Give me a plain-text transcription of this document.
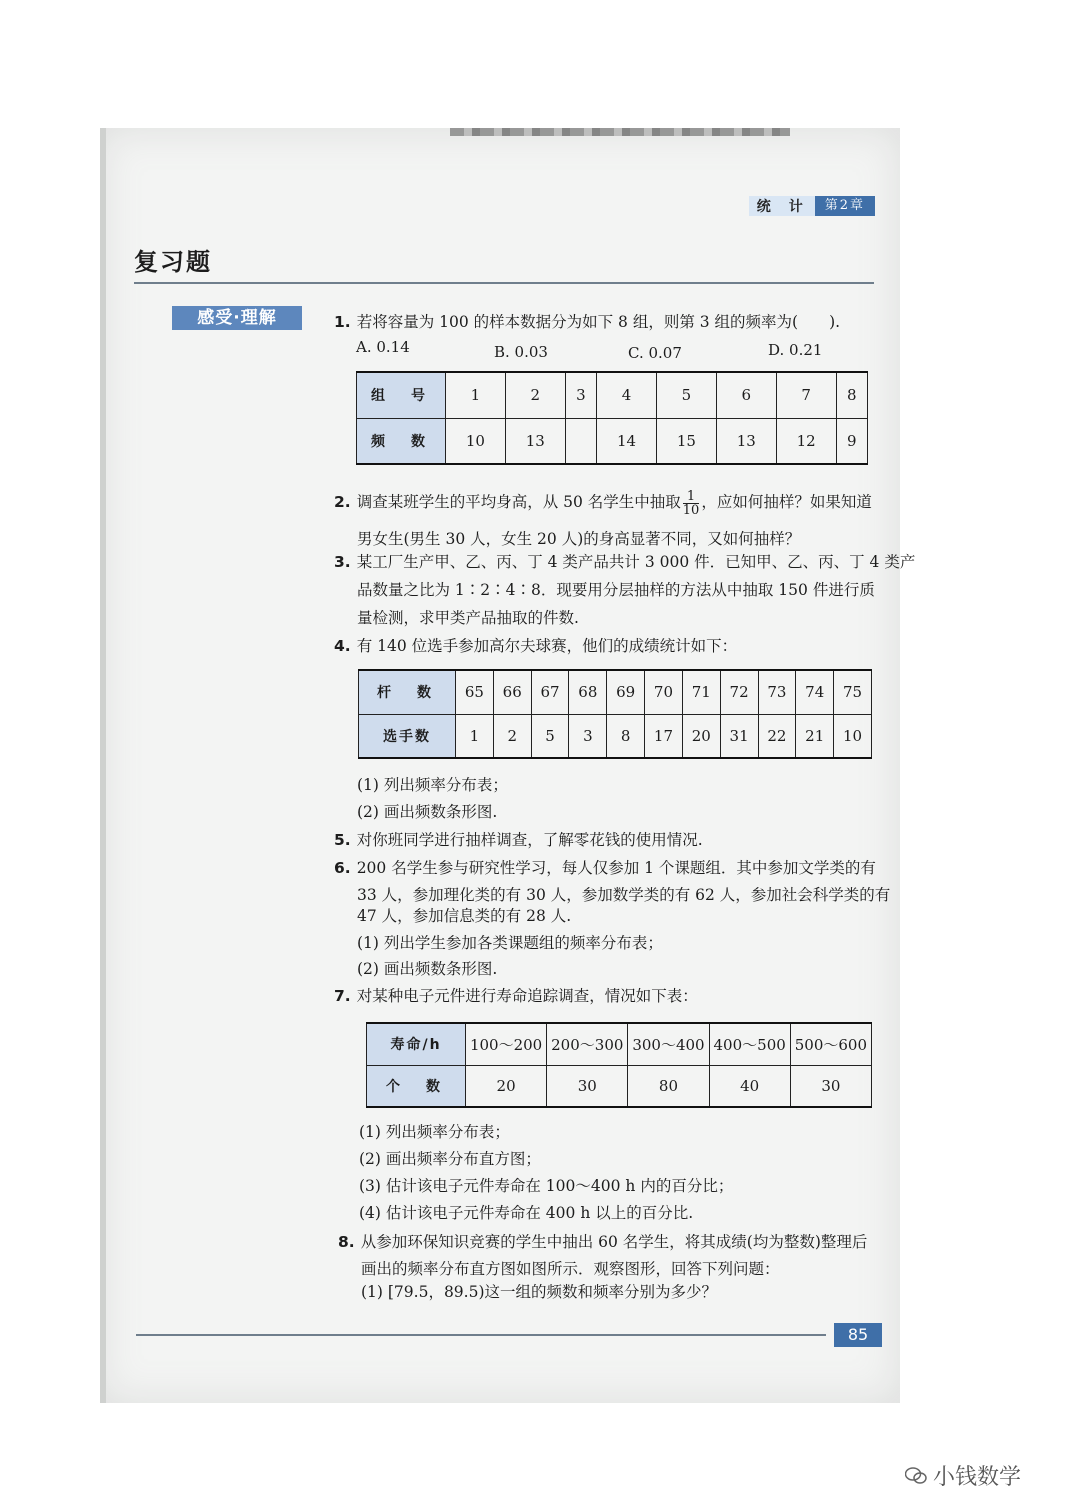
统　计	第2章
复习题
感受·理解	1. 若将容量为 100 的样本数据分为如下 8 组，则第 3 组的频率为(　　).
A. 0.14	B. 0.03	C. 0.07	D. 0.21
组　号	1	2	3	4	5	6	7	8
频　数	10	13		14	15	13	12	9
2. 调查某班学生的平均身高，从 50 名学生中抽取 $\frac{1}{10}$ ，应如何抽样？如果知道
男女生(男生 30 人，女生 20 人)的身高显著不同，又如何抽样？
3. 某工厂生产甲、乙、丙、丁 4 类产品共计 3 000 件．已知甲、乙、丙、丁 4 类产
品数量之比为 1∶2∶4∶8．现要用分层抽样的方法从中抽取 150 件进行质
量检测，求甲类产品抽取的件数.
4. 有 140 位选手参加高尔夫球赛，他们的成绩统计如下：
杆　数	65	66	67	68	69	70	71	72	73	74	75
选手数	1	2	5	3	8	17	20	31	22	21	10
(1) 列出频率分布表；
(2) 画出频数条形图.
5. 对你班同学进行抽样调查，了解零花钱的使用情况.
6. 200 名学生参与研究性学习，每人仅参加 1 个课题组．其中参加文学类的有
33 人，参加理化类的有 30 人，参加数学类的有 62 人，参加社会科学类的有
47 人，参加信息类的有 28 人.
(1) 列出学生参加各类课题组的频率分布表；
(2) 画出频数条形图.
7. 对某种电子元件进行寿命追踪调查，情况如下表：
寿命/h	100～200	200～300	300～400	400～500	500～600
个　数	20	30	80	40	30
(1) 列出频率分布表；
(2) 画出频率分布直方图；
(3) 估计该电子元件寿命在 100～400 h 内的百分比；
(4) 估计该电子元件寿命在 400 h 以上的百分比.
8. 从参加环保知识竞赛的学生中抽出 60 名学生，将其成绩(均为整数)整理后
画出的频率分布直方图如图所示．观察图形，回答下列问题：
(1) [79.5，89.5)这一组的频数和频率分别为多少？
85
小钱数学
